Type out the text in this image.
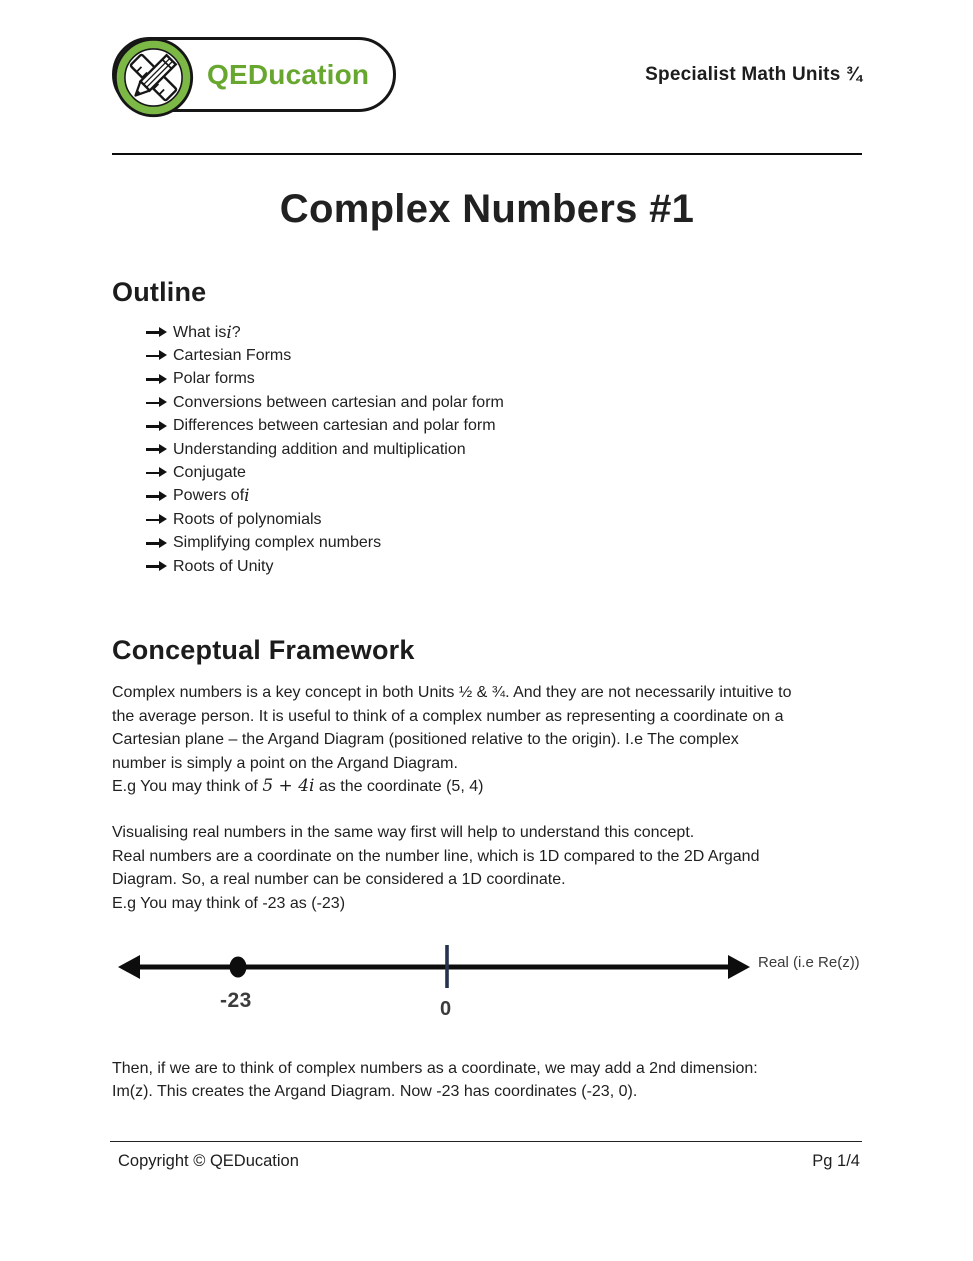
QEDucation	Specialist Math Units ¾
Complex Numbers #1
Outline
What is i ?
Cartesian Forms
Polar forms
Conversions between cartesian and polar form
Differences between cartesian and polar form
Understanding addition and multiplication
Conjugate
Powers of i
Roots of polynomials
Simplifying complex numbers
Roots of Unity
Conceptual Framework
Complex numbers is a key concept in both Units ½ & ¾. And they are not necessarily intuitive to
the average person. It is useful to think of a complex number as representing a coordinate on a
Cartesian plane – the Argand Diagram (positioned relative to the origin). I.e The complex
number is simply a point on the Argand Diagram.
E.g You may think of 5 + 4i as the coordinate (5, 4)
Visualising real numbers in the same way first will help to understand this concept.
Real numbers are a coordinate on the number line, which is 1D compared to the 2D Argand
Diagram. So, a real number can be considered a 1D coordinate.
E.g You may think of -23 as (-23)
-23	0
Real (i.e Re(z))
Then, if we are to think of complex numbers as a coordinate, we may add a 2nd dimension:
Im(z). This creates the Argand Diagram. Now -23 has coordinates (-23, 0).
Copyright © QEDucation	Pg 1/4
